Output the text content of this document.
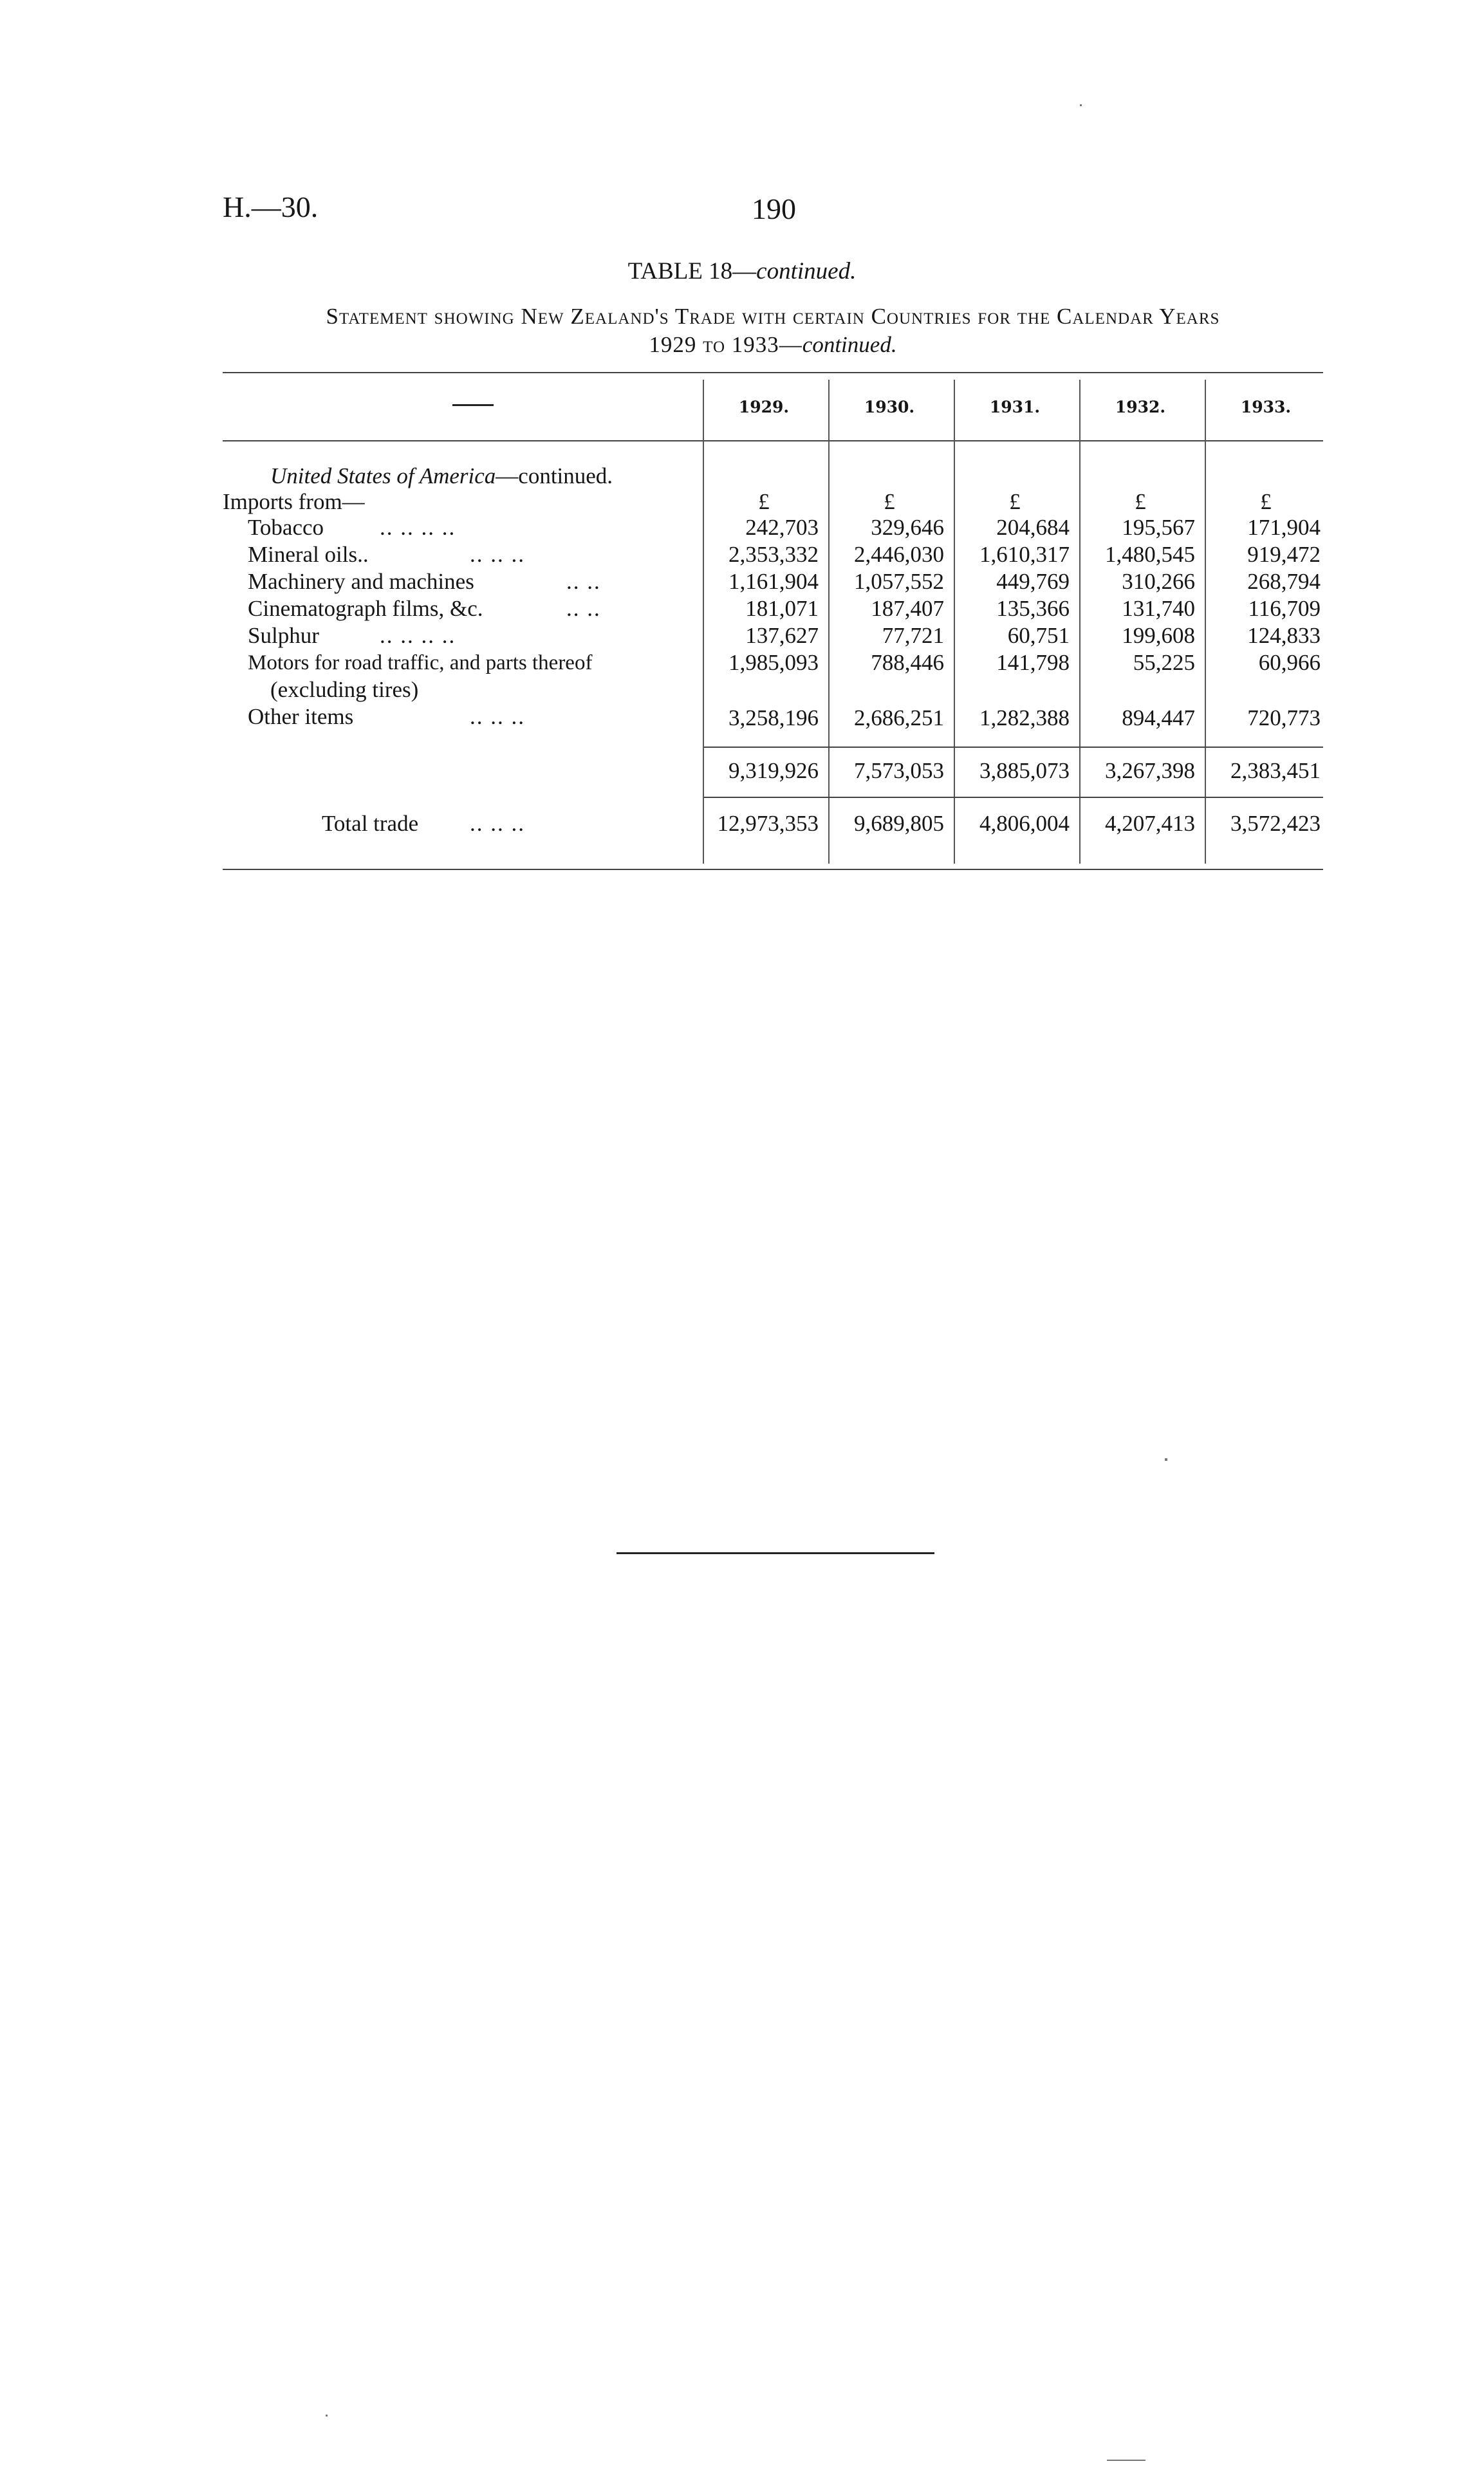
H.—30.	190
TABLE 18—continued.
Statement showing New Zealand's Trade with certain Countries for the Calendar Years
1929 to 1933—continued.
1929.	1930.	1931.	1932.	1933.
United States of America—continued.
Imports from—	£	£	£	£	£
Tobacco .. .. .. ..	242,703 329,646 204,684 195,567 171,904
Mineral oils..	.. .. ..	2,353,332 2,446,030 1,610,317 1,480,545 919,472
Machinery and machines	.. ..	1,161,904 1,057,552 449,769 310,266 268,794
Cinematograph films, &c.	.. ..	181,071 187,407 135,366 131,740 116,709
Sulphur	.. .. .. ..	137,627	77,721	60,751 199,608 124,833
Motors for road traffic, and parts thereof
(excluding tires)
1,985,093 788,446 141,798	55,225	60,966
Other items	.. .. ..	3,258,196 2,686,251 1,282,388 894,447 720,773
9,319,926 7,573,053 3,885,073 3,267,398 2,383,451
Total trade .. .. ..	12,973,353 9,689,805 4,806,004 4,207,413 3,572,423
